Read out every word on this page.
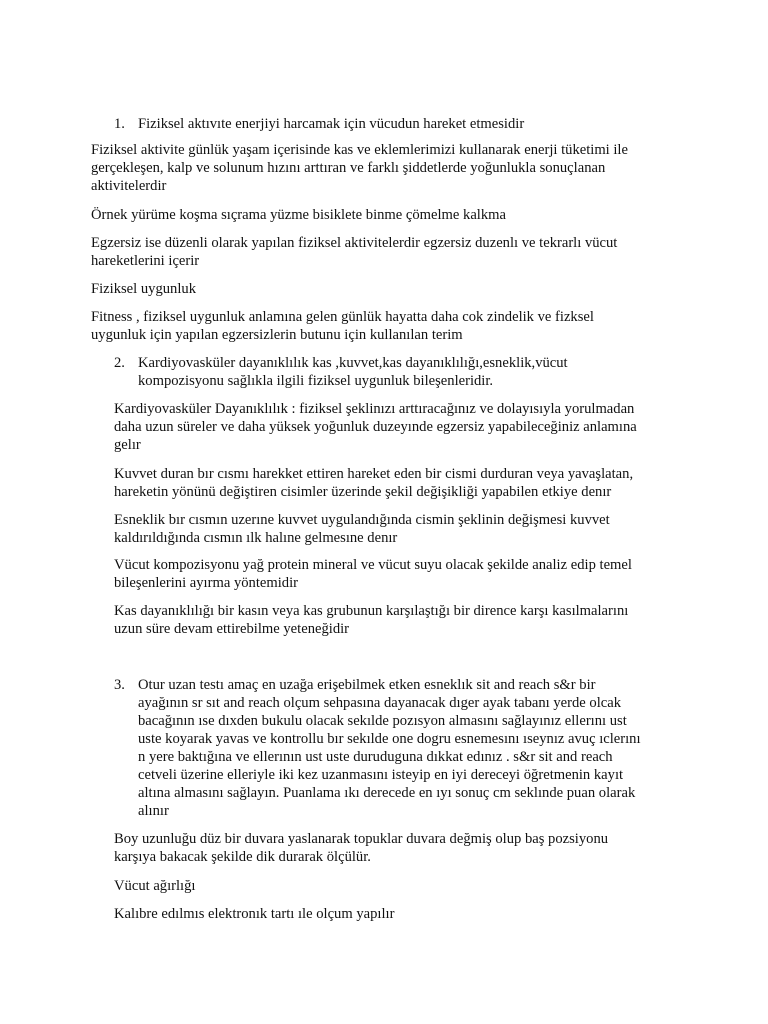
1. Fiziksel aktıvıte enerjiyi harcamak için vücudun hareket etmesidir

Fiziksel aktivite günlük yaşam içerisinde kas ve eklemlerimizi kullanarak enerji tüketimi ile
gerçekleşen, kalp ve solunum hızını arttıran ve farklı şiddetlerde yoğunlukla sonuçlanan
aktivitelerdir

Örnek yürüme koşma sıçrama yüzme bisiklete binme çömelme kalkma

Egzersiz ise düzenli olarak yapılan fiziksel aktivitelerdir egzersiz duzenlı ve tekrarlı vücut
hareketlerini içerir

Fiziksel uygunluk

Fitness , fiziksel uygunluk anlamına gelen günlük hayatta daha cok zindelik ve fizksel
uygunluk için yapılan egzersizlerin butunu için kullanılan terim

2. Kardiyovasküler dayanıklılık kas ,kuvvet,kas dayanıklılığı,esneklik,vücut
kompozisyonu sağlıkla ilgili fiziksel uygunluk bileşenleridir.

Kardiyovasküler Dayanıklılık : fiziksel şeklinızı arttıracağınız ve dolayısıyla yorulmadan
daha uzun süreler ve daha yüksek yoğunluk duzeyınde egzersiz yapabileceğiniz anlamına
gelır

Kuvvet duran bır cısmı harekket ettiren hareket eden bir cismi durduran veya yavaşlatan,
hareketin yönünü değiştiren cisimler üzerinde şekil değişikliği yapabilen etkiye denır

Esneklik bır cısmın uzerıne kuvvet uygulandığında cismin şeklinin değişmesi kuvvet
kaldırıldığında cısmın ılk halıne gelmesıne denır

Vücut kompozisyonu yağ protein mineral ve vücut suyu olacak şekilde analiz edip temel
bileşenlerini ayırma yöntemidir

Kas dayanıklılığı bir kasın veya kas grubunun karşılaştığı bir dirence karşı kasılmalarını
uzun süre devam ettirebilme yeteneğidir

3. Otur uzan testı amaç en uzağa erişebilmek etken esneklık sit and reach s&r bir
ayağının sr sıt and reach olçum sehpasına dayanacak dıger ayak tabanı yerde olcak
bacağının ıse dıxden bukulu olacak sekılde pozısyon almasını sağlayınız ellerını ust
uste koyarak yavas ve kontrollu bır sekılde one dogru esnemesını ıseynız avuç ıclerını
n yere baktığına ve ellerının ust uste duruduguna dıkkat edınız . s&r sit and reach
cetveli üzerine elleriyle iki kez uzanmasını isteyip en iyi dereceyi öğretmenin kayıt
altına almasını sağlayın. Puanlama ıkı derecede en ıyı sonuç cm seklınde puan olarak
alınır

Boy uzunluğu düz bir duvara yaslanarak topuklar duvara değmiş olup baş pozsiyonu
karşıya bakacak şekilde dik durarak ölçülür.

Vücut ağırlığı

Kalıbre edılmıs elektronık tartı ıle olçum yapılır
